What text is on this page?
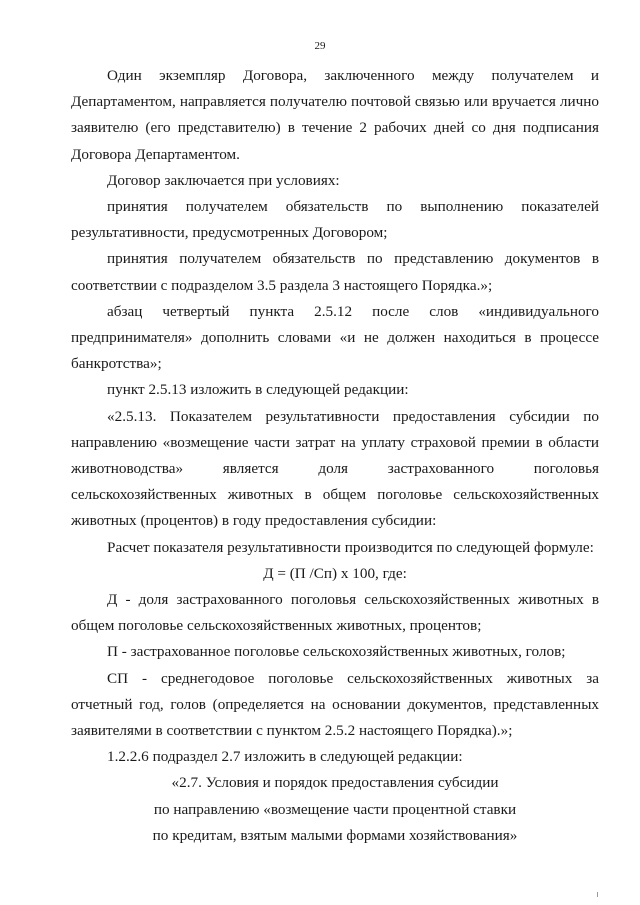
29

Один экземпляр Договора, заключенного между получателем и Департаментом, направляется получателю почтовой связью или вручается лично заявителю (его представителю) в течение 2 рабочих дней со дня подписания Договора Департаментом.

Договор заключается при условиях:

принятия получателем обязательств по выполнению показателей результативности, предусмотренных Договором;

принятия получателем обязательств по представлению документов в соответствии с подразделом 3.5 раздела 3 настоящего Порядка.»;

абзац четвертый пункта 2.5.12 после слов «индивидуального предпринимателя» дополнить словами «и не должен находиться в процессе банкротства»;

пункт 2.5.13 изложить в следующей редакции:

«2.5.13. Показателем результативности предоставления субсидии по направлению «возмещение части затрат на уплату страховой премии в области животноводства» является доля застрахованного поголовья сельскохозяйственных животных в общем поголовье сельскохозяйственных животных (процентов) в году предоставления субсидии:

Расчет показателя результативности производится по следующей формуле:

Д = (П /Сп) х 100, где:

Д - доля застрахованного поголовья сельскохозяйственных животных в общем поголовье сельскохозяйственных животных, процентов;

П - застрахованное поголовье сельскохозяйственных животных, голов;

СП - среднегодовое поголовье сельскохозяйственных животных за отчетный год, голов (определяется на основании документов, представленных заявителями в соответствии с пунктом 2.5.2 настоящего Порядка).»;

1.2.2.6 подраздел 2.7 изложить в следующей редакции:

«2.7. Условия и порядок предоставления субсидии
по направлению «возмещение части процентной ставки
по кредитам, взятым малыми формами хозяйствования»
